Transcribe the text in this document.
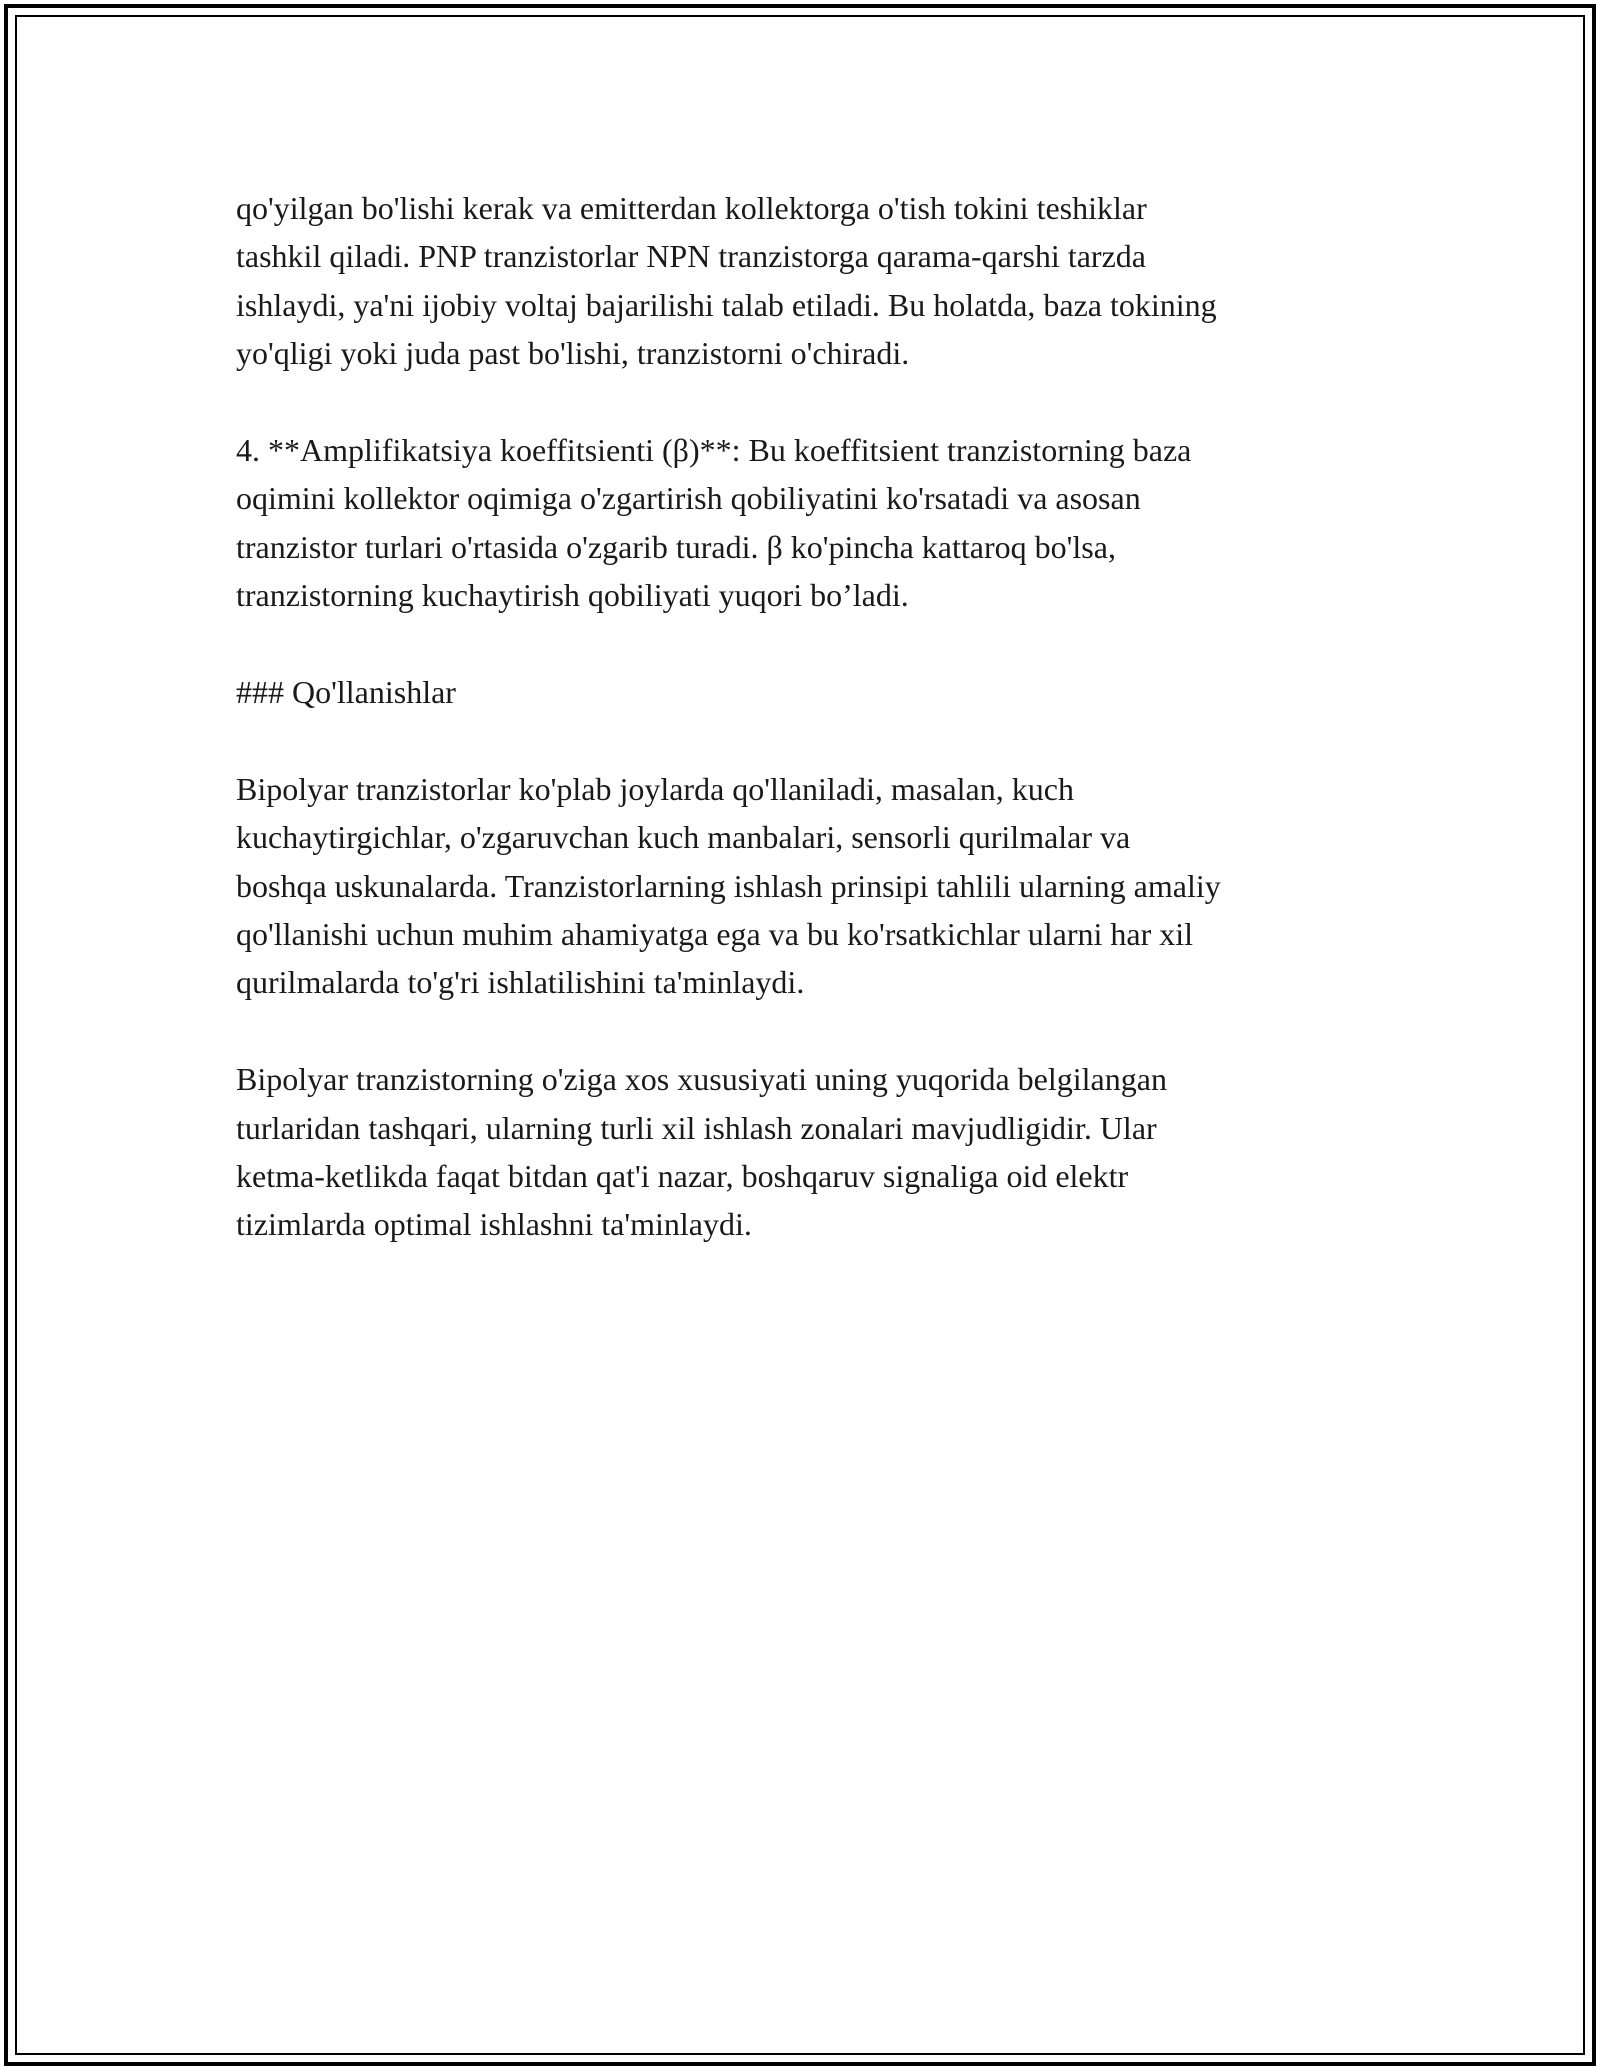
qo'yilgan bo'lishi kerak va emitterdan kollektorga o'tish tokini teshiklar
tashkil qiladi. PNP tranzistorlar NPN tranzistorga qarama-qarshi tarzda
ishlaydi, ya'ni ijobiy voltaj bajarilishi talab etiladi. Bu holatda, baza tokining
yo'qligi yoki juda past bo'lishi, tranzistorni o'chiradi.

4. **Amplifikatsiya koeffitsienti (β)**: Bu koeffitsient tranzistorning baza
oqimini kollektor oqimiga o'zgartirish qobiliyatini ko'rsatadi va asosan
tranzistor turlari o'rtasida o'zgarib turadi. β ko'pincha kattaroq bo'lsa,
tranzistorning kuchaytirish qobiliyati yuqori bo’ladi.

### Qo'llanishlar

Bipolyar tranzistorlar ko'plab joylarda qo'llaniladi, masalan, kuch
kuchaytirgichlar, o'zgaruvchan kuch manbalari, sensorli qurilmalar va
boshqa uskunalarda. Tranzistorlarning ishlash prinsipi tahlili ularning amaliy
qo'llanishi uchun muhim ahamiyatga ega va bu ko'rsatkichlar ularni har xil
qurilmalarda to'g'ri ishlatilishini ta'minlaydi.

Bipolyar tranzistorning o'ziga xos xususiyati uning yuqorida belgilangan
turlaridan tashqari, ularning turli xil ishlash zonalari mavjudligidir. Ular
ketma-ketlikda faqat bitdan qat'i nazar, boshqaruv signaliga oid elektr
tizimlarda optimal ishlashni ta'minlaydi.
